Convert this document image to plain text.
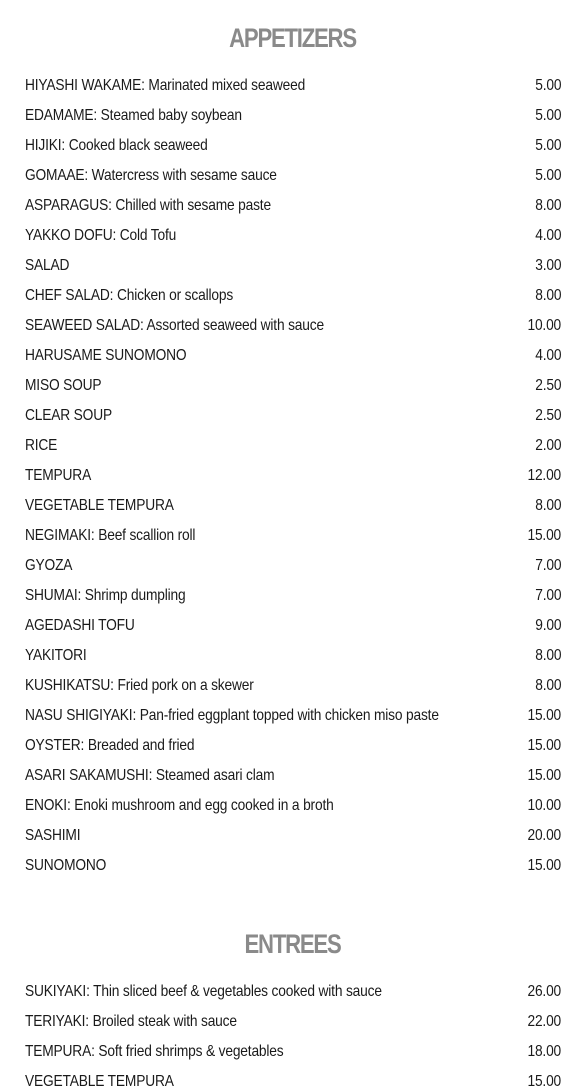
APPETIZERS
HIYASHI WAKAME: Marinated mixed seaweed	5.00
EDAMAME: Steamed baby soybean	5.00
HIJIKI: Cooked black seaweed	5.00
GOMAAE: Watercress with sesame sauce	5.00
ASPARAGUS: Chilled with sesame paste	8.00
YAKKO DOFU: Cold Tofu	4.00
SALAD	3.00
CHEF SALAD: Chicken or scallops	8.00
SEAWEED SALAD: Assorted seaweed with sauce	10.00
HARUSAME SUNOMONO	4.00
MISO SOUP	2.50
CLEAR SOUP	2.50
RICE	2.00
TEMPURA	12.00
VEGETABLE TEMPURA	8.00
NEGIMAKI: Beef scallion roll	15.00
GYOZA	7.00
SHUMAI: Shrimp dumpling	7.00
AGEDASHI TOFU	9.00
YAKITORI	8.00
KUSHIKATSU: Fried pork on a skewer	8.00
NASU SHIGIYAKI: Pan-fried eggplant topped with chicken miso paste	15.00
OYSTER: Breaded and fried	15.00
ASARI SAKAMUSHI: Steamed asari clam	15.00
ENOKI: Enoki mushroom and egg cooked in a broth	10.00
SASHIMI	20.00
SUNOMONO	15.00
ENTREES
SUKIYAKI: Thin sliced beef & vegetables cooked with sauce	26.00
TERIYAKI: Broiled steak with sauce	22.00
TEMPURA: Soft fried shrimps & vegetables	18.00
VEGETABLE TEMPURA	15.00
